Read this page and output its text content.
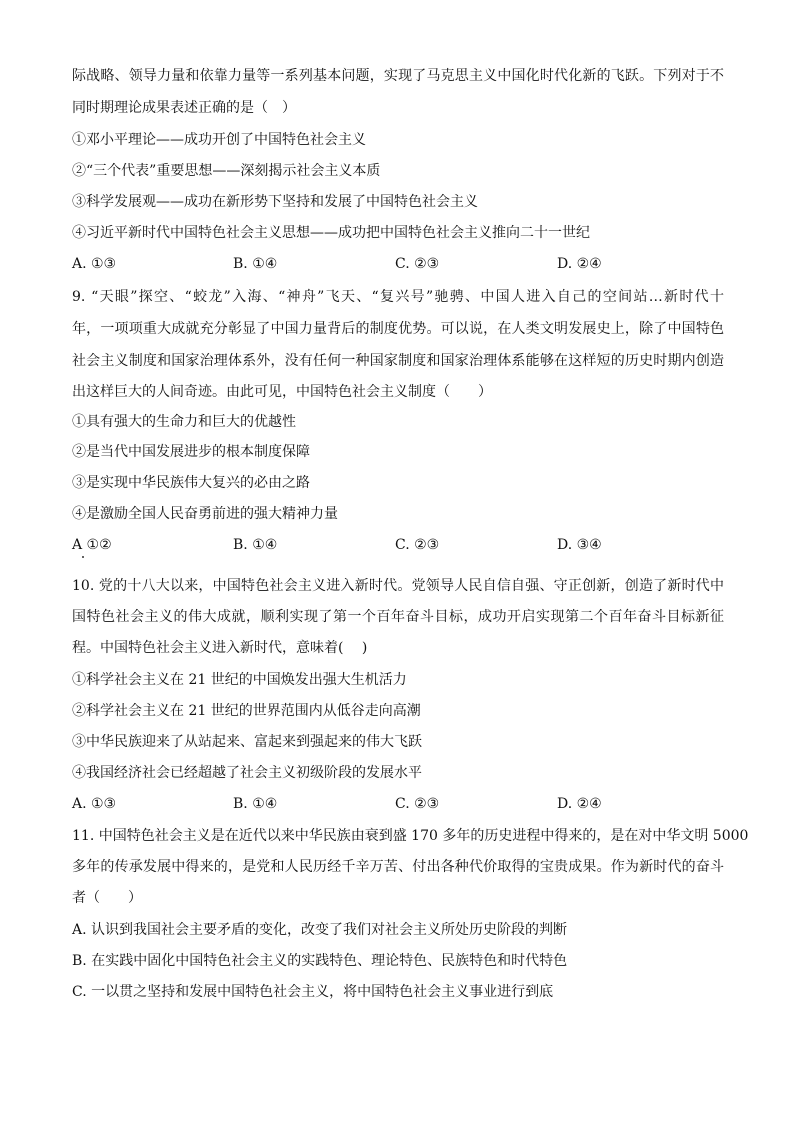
际战略、领导力量和依靠力量等一系列基本问题，实现了马克思主义中国化时代化新的飞跃。下列对于不
同时期理论成果表述正确的是（　）
①邓小平理论——成功开创了中国特色社会主义
②“三个代表”重要思想——深刻揭示社会主义本质
③科学发展观——成功在新形势下坚持和发展了中国特色社会主义
④习近平新时代中国特色社会主义思想——成功把中国特色社会主义推向二十一世纪
A. ①③	B. ①④	C. ②③	D. ②④
9. “天眼”探空、“蛟龙”入海、“神舟”飞天、“复兴号”驰骋、中国人进入自己的空间站…新时代十
年，一项项重大成就充分彰显了中国力量背后的制度优势。可以说，在人类文明发展史上，除了中国特色
社会主义制度和国家治理体系外，没有任何一种国家制度和国家治理体系能够在这样短的历史时期内创造
出这样巨大的人间奇迹。由此可见，中国特色社会主义制度（　　）
①具有强大的生命力和巨大的优越性
②是当代中国发展进步的根本制度保障
③是实现中华民族伟大复兴的必由之路
④是激励全国人民奋勇前进的强大精神力量
A ①②	B. ①④	C. ②③	D. ③④
10. 党的十八大以来，中国特色社会主义进入新时代。党领导人民自信自强、守正创新，创造了新时代中
国特色社会主义的伟大成就，顺利实现了第一个百年奋斗目标，成功开启实现第二个百年奋斗目标新征
程。中国特色社会主义进入新时代，意味着(　 )
①科学社会主义在 21 世纪的中国焕发出强大生机活力
②科学社会主义在 21 世纪的世界范围内从低谷走向高潮
③中华民族迎来了从站起来、富起来到强起来的伟大飞跃
④我国经济社会已经超越了社会主义初级阶段的发展水平
A. ①③	B. ①④	C. ②③	D. ②④
11. 中国特色社会主义是在近代以来中华民族由衰到盛 170 多年的历史进程中得来的，是在对中华文明 5000
多年的传承发展中得来的，是党和人民历经千辛万苦、付出各种代价取得的宝贵成果。作为新时代的奋斗
者（　　）
A. 认识到我国社会主要矛盾的变化，改变了我们对社会主义所处历史阶段的判断
B. 在实践中固化中国特色社会主义的实践特色、理论特色、民族特色和时代特色
C. 一以贯之坚持和发展中国特色社会主义，将中国特色社会主义事业进行到底
